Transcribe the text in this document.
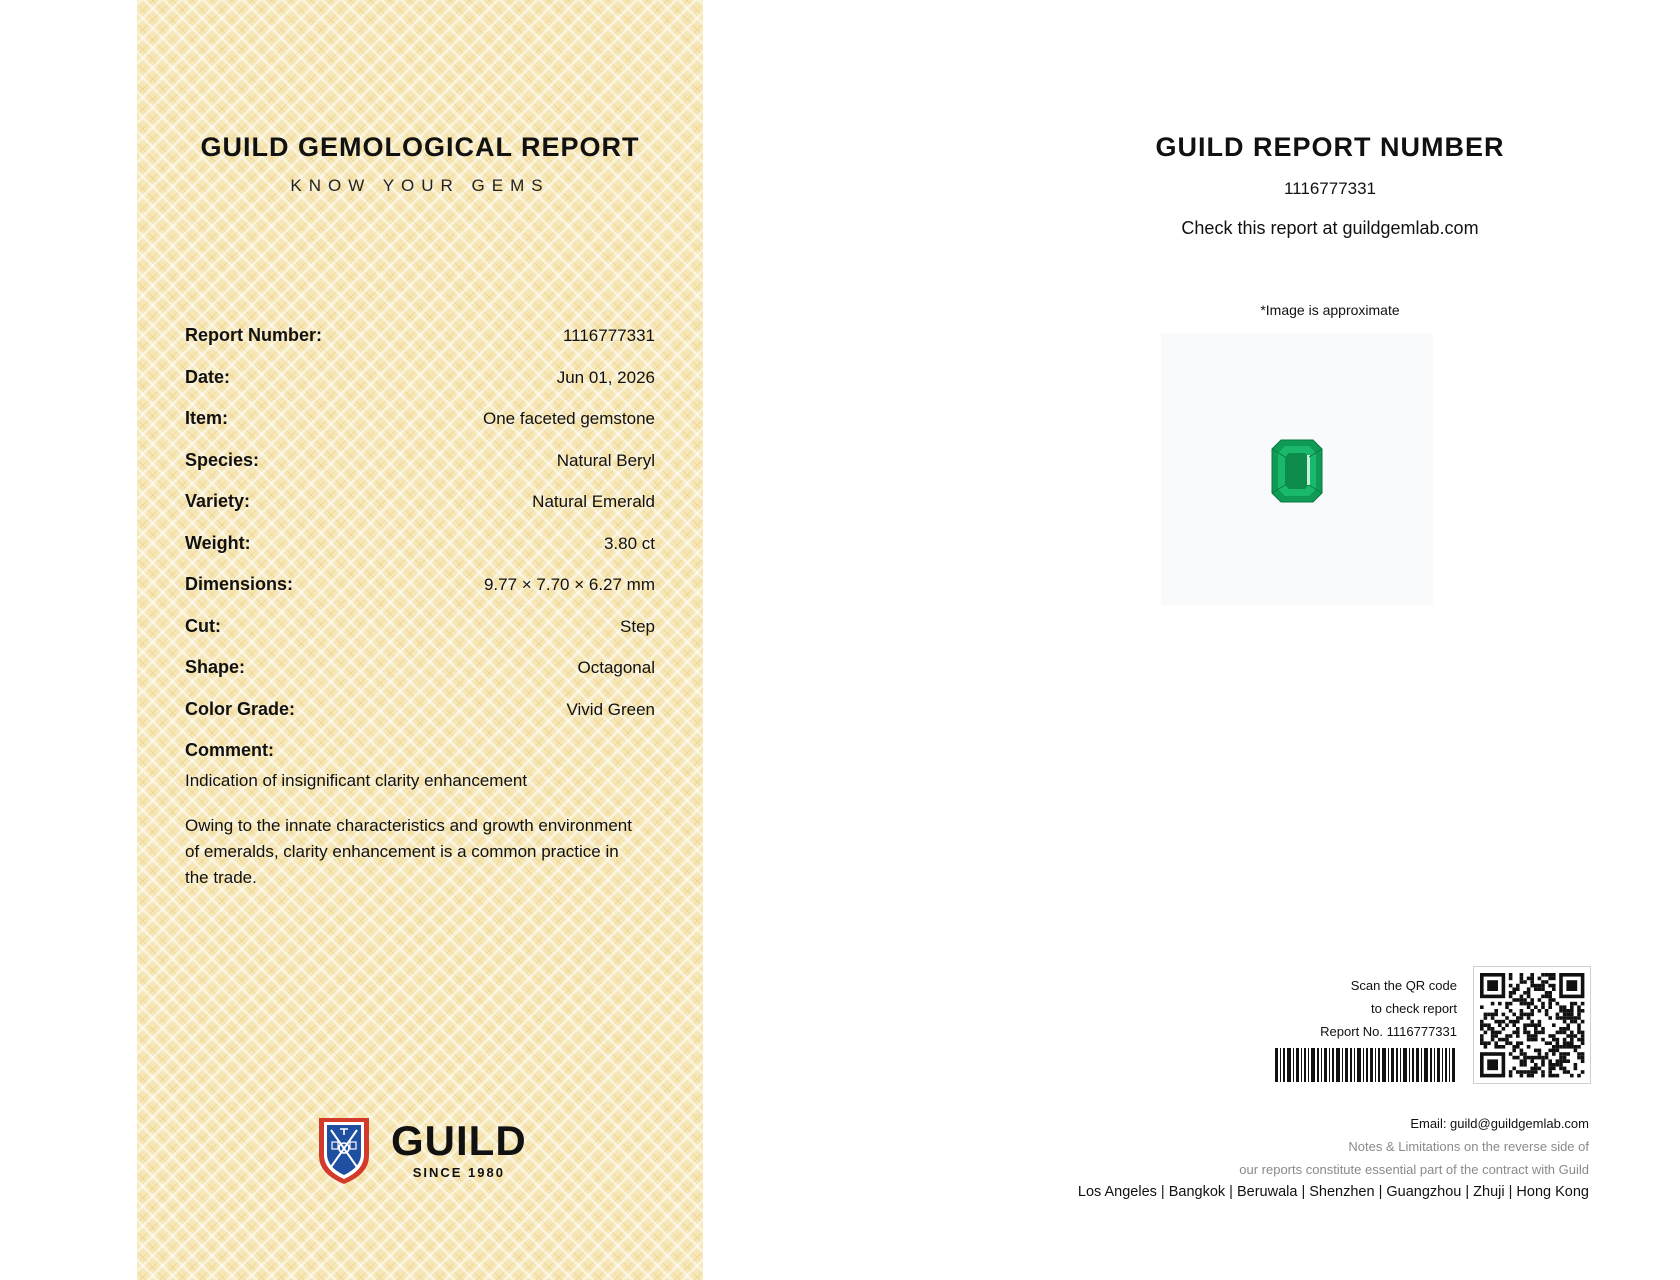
GUILD GEMOLOGICAL REPORT
KNOW YOUR GEMS
Report Number:	1116777331
Date:	Jun 01, 2026
Item:	One faceted gemstone
Species:	Natural Beryl
Variety:	Natural Emerald
Weight:	3.80 ct
Dimensions:	9.77 × 7.70 × 6.27 mm
Cut:	Step
Shape:	Octagonal
Color Grade:	Vivid Green
Comment:
Indication of insignificant clarity enhancement
Owing to the innate characteristics and growth environment of emeralds, clarity enhancement is a common practice in the trade.
GUILD
SINCE 1980
GUILD REPORT NUMBER
1116777331
Check this report at guildgemlab.com
*Image is approximate
Scan the QR code
to check report
Report No. 1116777331
Email: guild@guildgemlab.com
Notes & Limitations on the reverse side of
our reports constitute essential part of the contract with Guild
Los Angeles | Bangkok | Beruwala | Shenzhen | Guangzhou | Zhuji | Hong Kong
